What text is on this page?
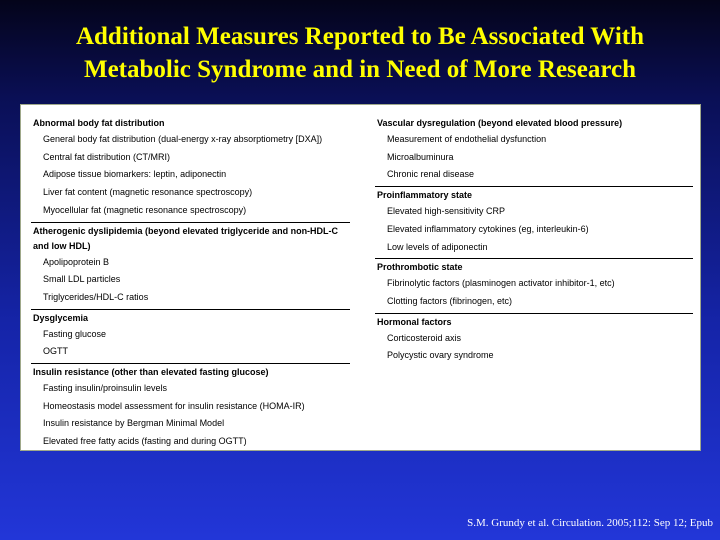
Additional Measures Reported to Be Associated With
Metabolic Syndrome and in Need of More Research
Abnormal body fat distribution
General body fat distribution (dual-energy x-ray absorptiometry [DXA])
Central fat distribution (CT/MRI)
Adipose tissue biomarkers: leptin, adiponectin
Liver fat content (magnetic resonance spectroscopy)
Myocellular fat (magnetic resonance spectroscopy)
Atherogenic dyslipidemia (beyond elevated triglyceride and non-HDL-C and low HDL)
Apolipoprotein B
Small LDL particles
Triglycerides/HDL-C ratios
Dysglycemia
Fasting glucose
OGTT
Insulin resistance (other than elevated fasting glucose)
Fasting insulin/proinsulin levels
Homeostasis model assessment for insulin resistance (HOMA-IR)
Insulin resistance by Bergman Minimal Model
Elevated free fatty acids (fasting and during OGTT)
Vascular dysregulation (beyond elevated blood pressure)
Measurement of endothelial dysfunction
Microalbuminura
Chronic renal disease
Proinflammatory state
Elevated high-sensitivity CRP
Elevated inflammatory cytokines (eg, interleukin-6)
Low levels of adiponectin
Prothrombotic state
Fibrinolytic factors (plasminogen activator inhibitor-1, etc)
Clotting factors (fibrinogen, etc)
Hormonal factors
Corticosteroid axis
Polycystic ovary syndrome
S.M. Grundy et al. Circulation. 2005;112: Sep 12; Epub
